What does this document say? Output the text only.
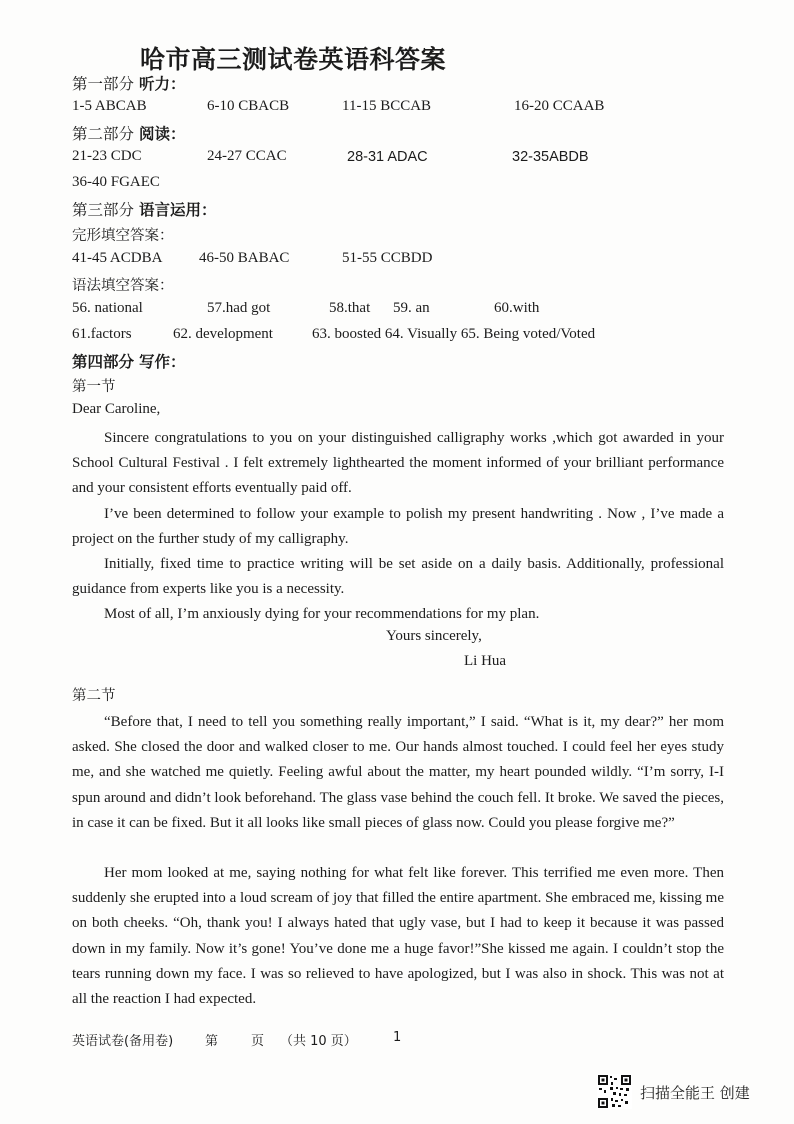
哈市高三测试卷英语科答案
第一部分 听力：
1-5 ABCAB	6-10 CBACB	11-15 BCCAB	16-20 CCAAB
第二部分 阅读：
21-23 CDC	24-27 CCAC	28-31 ADAC	32-35ABDB
36-40 FGAEC
第三部分 语言运用：
完形填空答案：
41-45 ACDBA 46-50 BABAC	51-55 CCBDD
语法填空答案：
56. national	57.had got	58.that 59. an	60.with
61.factors	62. development	63. boosted 64. Visually 65. Being voted/Voted
第四部分 写作：
第一节
Dear Caroline,

Sincere congratulations to you on your distinguished calligraphy works ,which got awarded in your School Cultural Festival . I felt extremely lighthearted the moment informed of your brilliant performance and your consistent efforts eventually paid off.

I’ve been determined to follow your example to polish my present handwriting . Now , I’ve made a project on the further study of my calligraphy.

Initially, fixed time to practice writing will be set aside on a daily basis. Additionally, professional guidance from experts like you is a necessity.

Most of all, I’m anxiously dying for your recommendations for my plan.

Yours sincerely,
Li Hua
第二节

“Before that, I need to tell you something really important,” I said. “What is it, my dear?” her mom asked. She closed the door and walked closer to me. Our hands almost touched. I could feel her eyes study me, and she watched me quietly. Feeling awful about the matter, my heart pounded wildly. “I’m sorry, I-I spun around and didn’t look beforehand. The glass vase behind the couch fell. It broke. We saved the pieces, in case it can be fixed. But it all looks like small pieces of glass now. Could you please forgive me?”

Her mom looked at me, saying nothing for what felt like forever. This terrified me even more. Then suddenly she erupted into a loud scream of joy that filled the entire apartment. She embraced me, kissing me on both cheeks. “Oh, thank you! I always hated that ugly vase, but I had to keep it because it was passed down in my family. Now it’s gone! You’ve done me a huge favor!”She kissed me again. I couldn’t stop the tears running down my face. I was so relieved to have apologized, but I was also in shock. This was not at all the reaction I had expected.

英语试卷(备用卷) 第	页 （共 10 页）	1
扫描全能王 创建
